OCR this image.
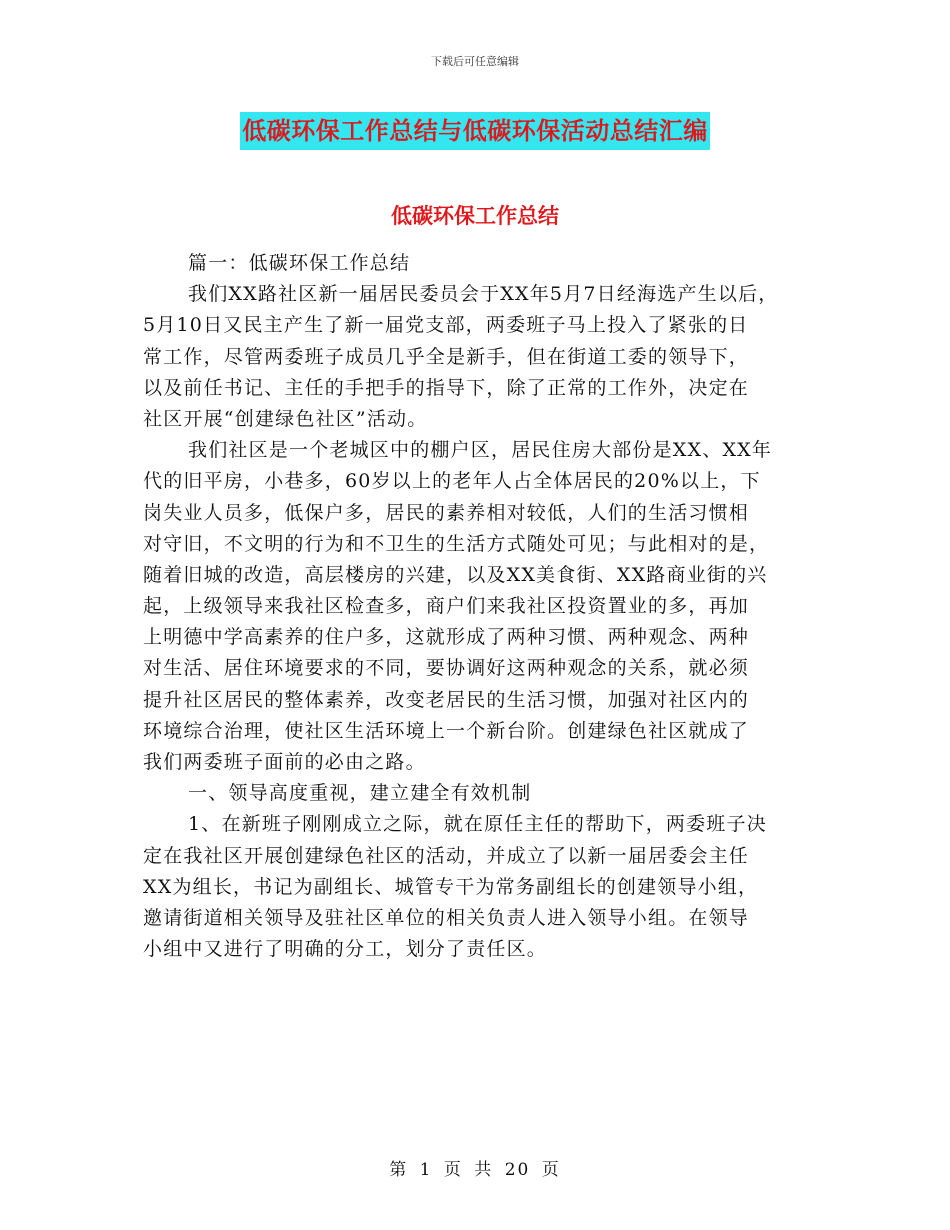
下载后可任意编辑
低碳环保工作总结与低碳环保活动总结汇编
低碳环保工作总结
篇一：低碳环保工作总结
我们XX路社区新一届居民委员会于XX年5月7日经海选产生以后，
5月10日又民主产生了新一届党支部，两委班子马上投入了紧张的日
常工作，尽管两委班子成员几乎全是新手，但在街道工委的领导下，
以及前任书记、主任的手把手的指导下，除了正常的工作外，决定在
社区开展“创建绿色社区”活动。
我们社区是一个老城区中的棚户区，居民住房大部份是XX、XX年
代的旧平房，小巷多，60岁以上的老年人占全体居民的20%以上，下
岗失业人员多，低保户多，居民的素养相对较低，人们的生活习惯相
对守旧，不文明的行为和不卫生的生活方式随处可见；与此相对的是，
随着旧城的改造，高层楼房的兴建，以及XX美食街、XX路商业街的兴
起，上级领导来我社区检查多，商户们来我社区投资置业的多，再加
上明德中学高素养的住户多，这就形成了两种习惯、两种观念、两种
对生活、居住环境要求的不同，要协调好这两种观念的关系，就必须
提升社区居民的整体素养，改变老居民的生活习惯，加强对社区内的
环境综合治理，使社区生活环境上一个新台阶。创建绿色社区就成了
我们两委班子面前的必由之路。
一、领导高度重视，建立建全有效机制
1、在新班子刚刚成立之际，就在原任主任的帮助下，两委班子决
定在我社区开展创建绿色社区的活动，并成立了以新一届居委会主任
XX为组长，书记为副组长、城管专干为常务副组长的创建领导小组，
邀请街道相关领导及驻社区单位的相关负责人进入领导小组。在领导
小组中又进行了明确的分工，划分了责任区。
第 1 页 共 20 页
